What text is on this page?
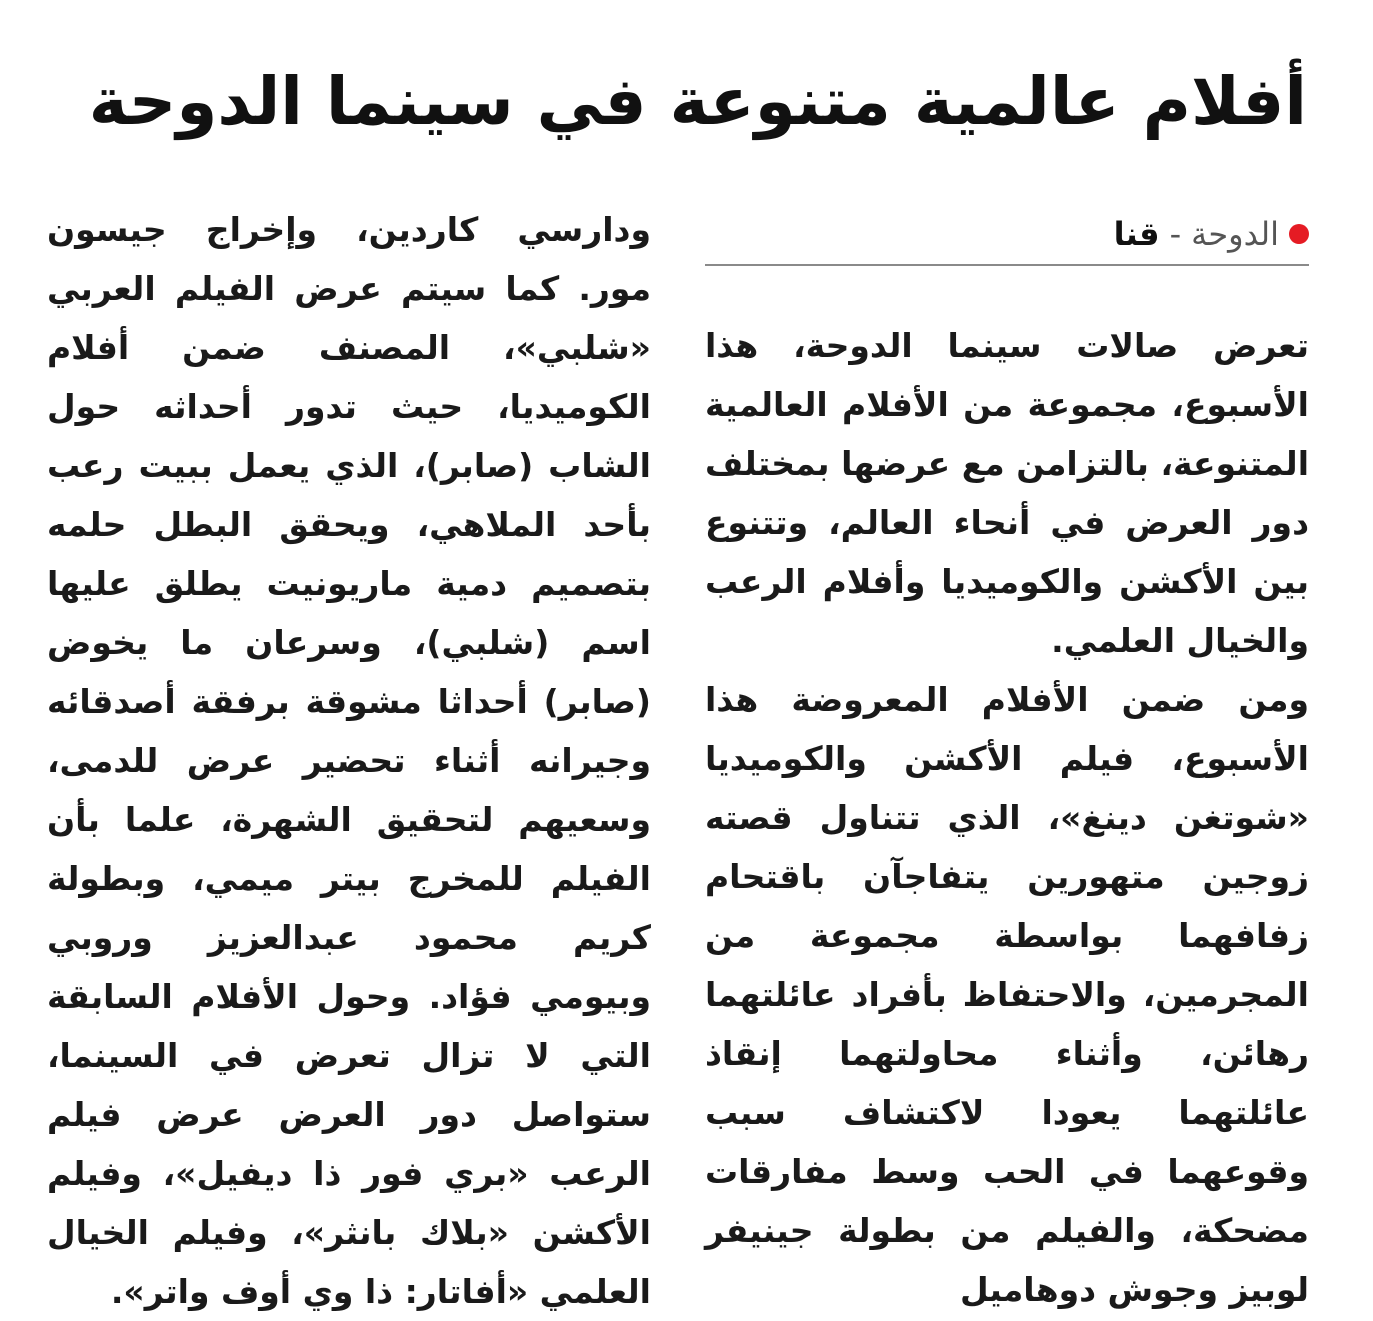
أفلام عالمية متنوعة في سينما الدوحة
الدوحة
-
قنا

تعرض صالات سينما الدوحة، هذا الأسبوع، مجموعة من الأفلام العالمية المتنوعة، بالتزامن مع عرضها بمختلف دور العرض في أنحاء العالم، وتتنوع بين الأكشن والكوميديا وأفلام الرعب والخيال العلمي.

ومن ضمن الأفلام المعروضة هذا الأسبوع، فيلم الأكشن والكوميديا «شوتغن دينغ»، الذي تتناول قصته زوجين متهورين يتفاجآن باقتحام زفافهما بواسطة مجموعة من المجرمين، والاحتفاظ بأفراد عائلتهما رهائن، وأثناء محاولتهما إنقاذ عائلتهما يعودا لاكتشاف سبب وقوعهما في الحب وسط مفارقات مضحكة، والفيلم من بطولة جينيفر لوبيز وجوش دوهاميل

ودارسي كاردين، وإخراج جيسون مور. كما سيتم عرض الفيلم العربي «شلبي»، المصنف ضمن أفلام الكوميديا، حيث تدور أحداثه حول الشاب (صابر)، الذي يعمل ببيت رعب بأحد الملاهي، ويحقق البطل حلمه بتصميم دمية ماريونيت يطلق عليها اسم (شلبي)، وسرعان ما يخوض (صابر) أحداثا مشوقة برفقة أصدقائه وجيرانه أثناء تحضير عرض للدمى، وسعيهم لتحقيق الشهرة، علما بأن الفيلم للمخرج بيتر ميمي، وبطولة كريم محمود عبدالعزيز وروبي وبيومي فؤاد. وحول الأفلام السابقة التي لا تزال تعرض في السينما، ستواصل دور العرض عرض فيلم الرعب «بري فور ذا ديفيل»، وفيلم الأكشن «بلاك بانثر»، وفيلم الخيال العلمي «أفاتار: ذا وي أوف واتر».
